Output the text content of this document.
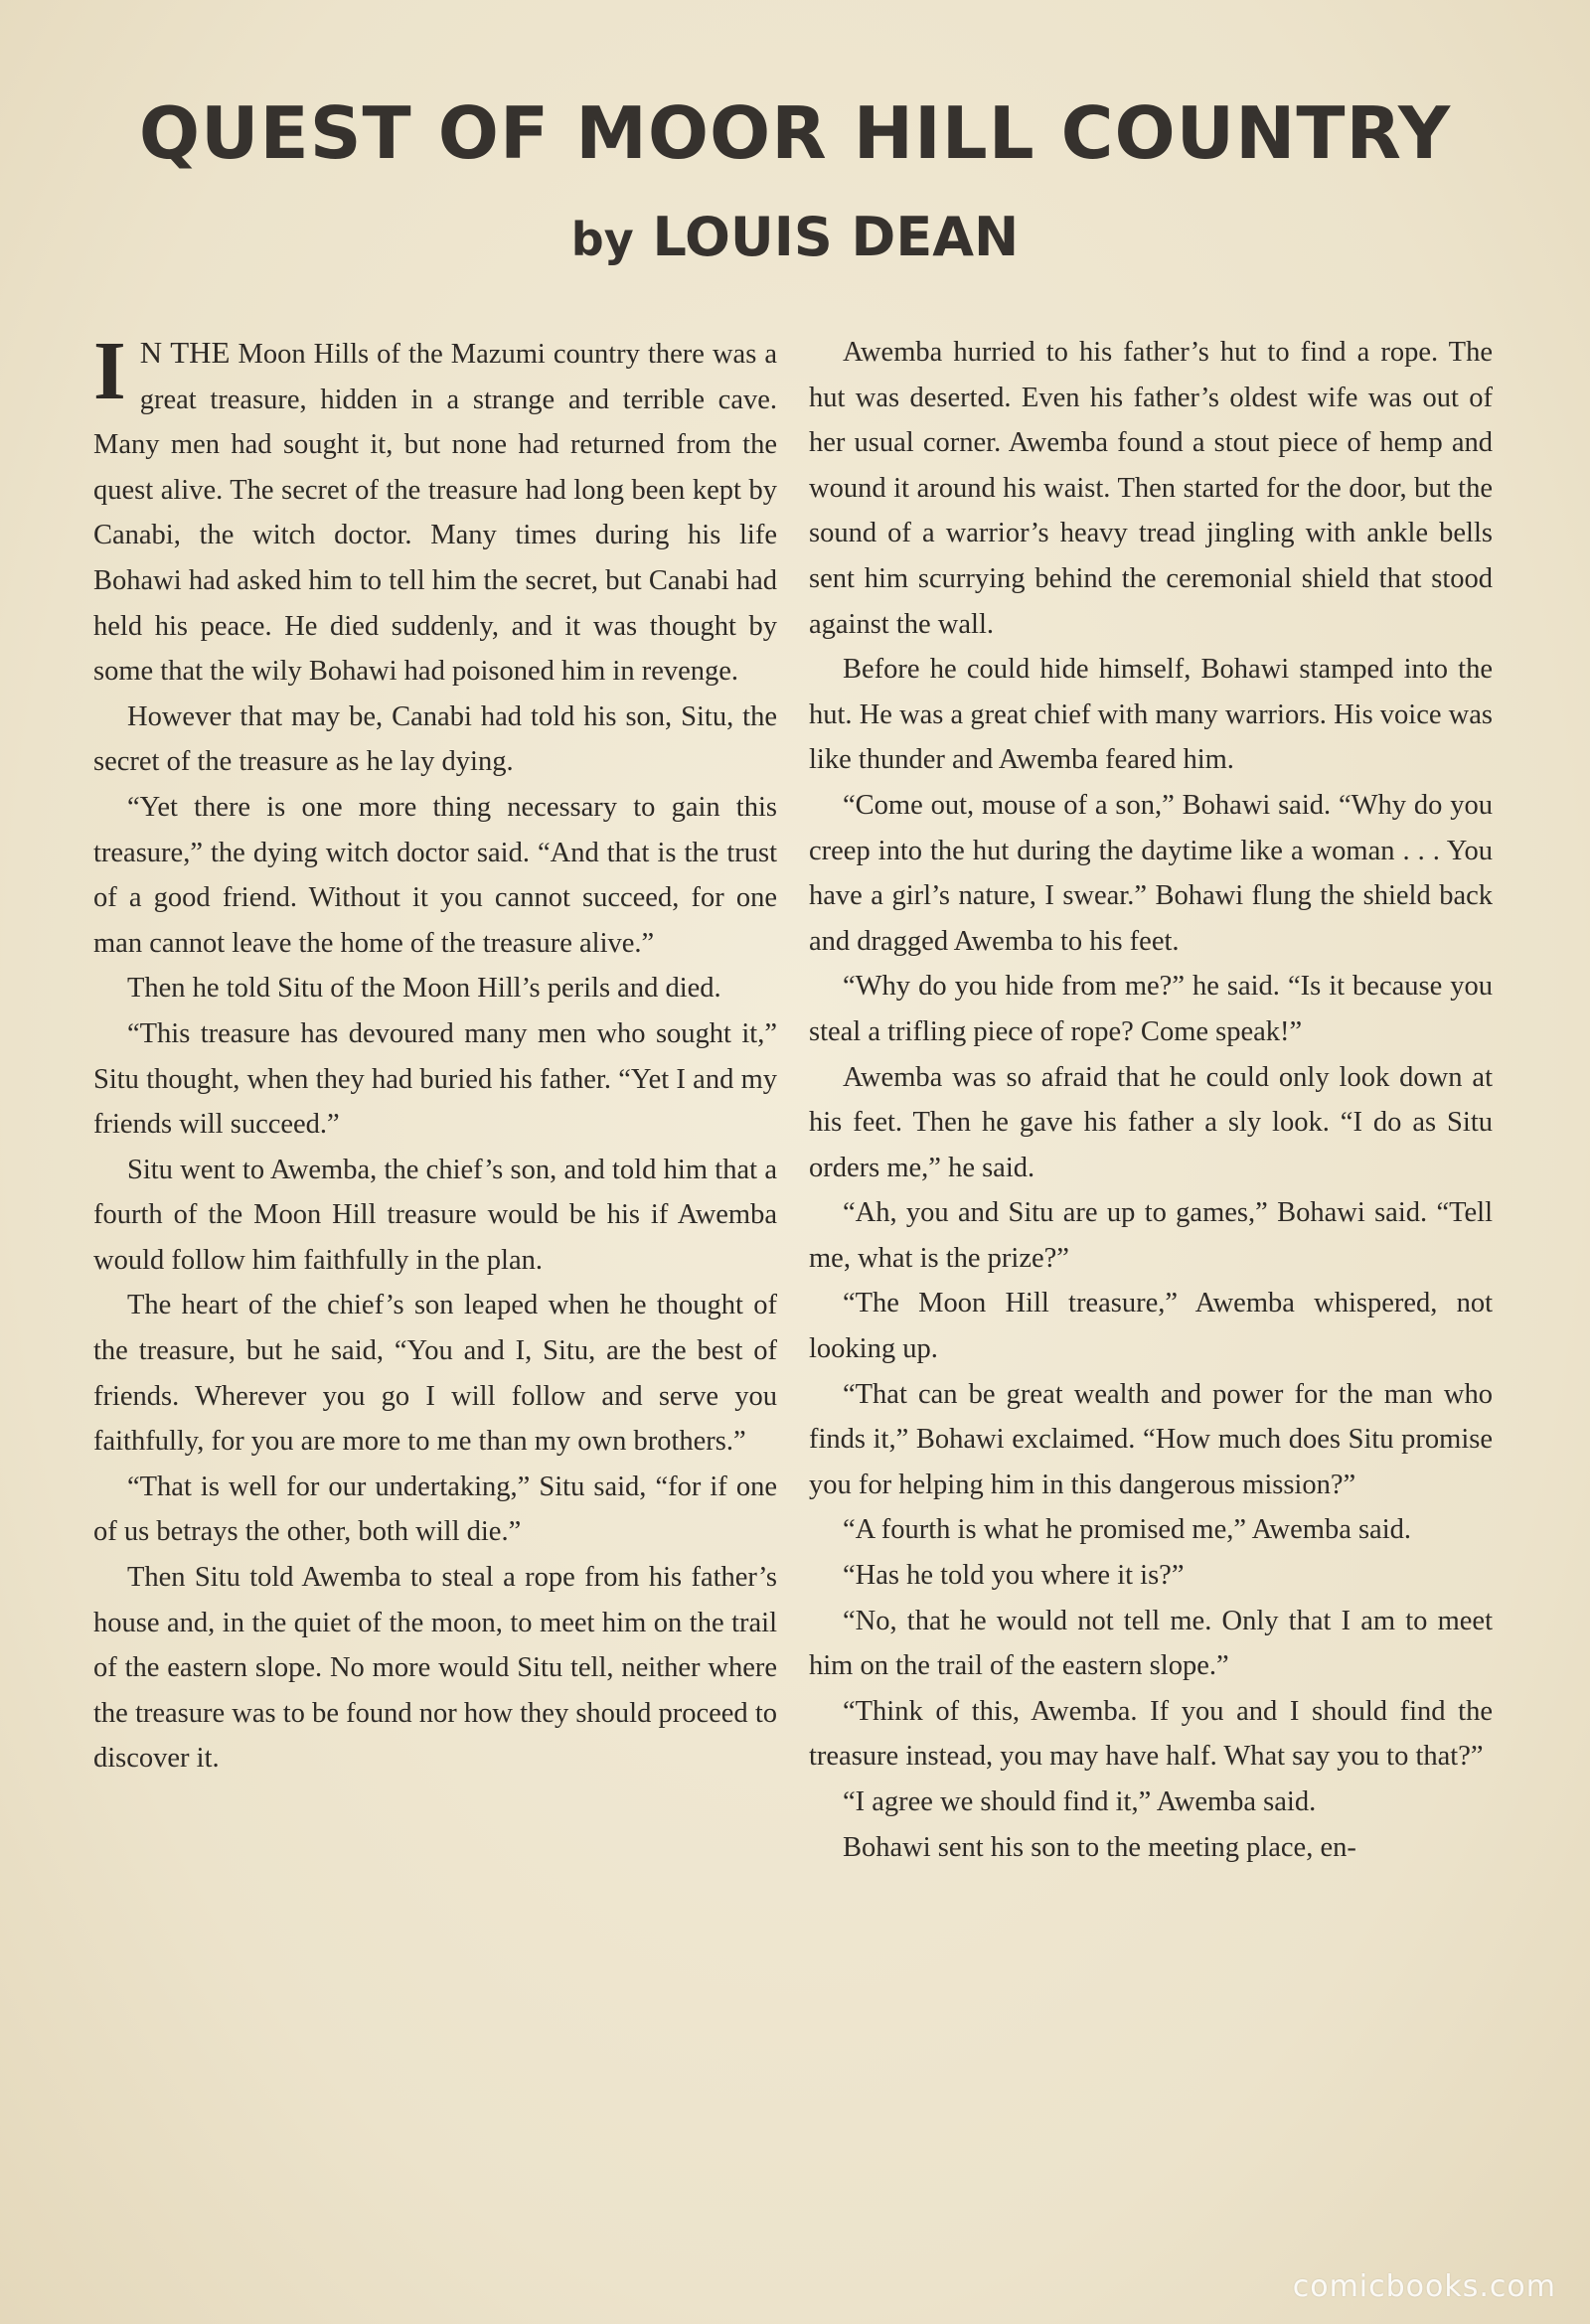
QUEST OF MOOR HILL COUNTRY
by LOUIS DEAN

I N THE Moon Hills of the Mazumi country there was a great treasure, hidden in a strange and terrible cave. Many men had sought it, but none had returned from the quest alive. The secret of the treasure had long been kept by Canabi, the witch doctor. Many times during his life Bohawi had asked him to tell him the secret, but Canabi had held his peace. He died suddenly, and it was thought by some that the wily Bohawi had poisoned him in revenge.

However that may be, Canabi had told his son, Situ, the secret of the treasure as he lay dying.

“Yet there is one more thing necessary to gain this treasure,” the dying witch doctor said. “And that is the trust of a good friend. Without it you cannot succeed, for one man cannot leave the home of the treasure alive.”

Then he told Situ of the Moon Hill’s perils and died.

“This treasure has devoured many men who sought it,” Situ thought, when they had buried his father. “Yet I and my friends will succeed.”

Situ went to Awemba, the chief’s son, and told him that a fourth of the Moon Hill treasure would be his if Awemba would follow him faithfully in the plan.

The heart of the chief’s son leaped when he thought of the treasure, but he said, “You and I, Situ, are the best of friends. Wherever you go I will follow and serve you faithfully, for you are more to me than my own brothers.”

“That is well for our undertaking,” Situ said, “for if one of us betrays the other, both will die.”

Then Situ told Awemba to steal a rope from his father’s house and, in the quiet of the moon, to meet him on the trail of the eastern slope. No more would Situ tell, neither where the treasure was to be found nor how they should proceed to discover it.

Awemba hurried to his father’s hut to find a rope. The hut was deserted. Even his father’s oldest wife was out of her usual corner. Awemba found a stout piece of hemp and wound it around his waist. Then started for the door, but the sound of a warrior’s heavy tread jingling with ankle bells sent him scurrying behind the ceremonial shield that stood against the wall.

Before he could hide himself, Bohawi stamped into the hut. He was a great chief with many warriors. His voice was like thunder and Awemba feared him.

“Come out, mouse of a son,” Bohawi said. “Why do you creep into the hut during the daytime like a woman . . . You have a girl’s nature, I swear.” Bohawi flung the shield back and dragged Awemba to his feet.

“Why do you hide from me?” he said. “Is it because you steal a trifling piece of rope? Come speak!”

Awemba was so afraid that he could only look down at his feet. Then he gave his father a sly look. “I do as Situ orders me,” he said.

“Ah, you and Situ are up to games,” Bohawi said. “Tell me, what is the prize?”

“The Moon Hill treasure,” Awemba whispered, not looking up.

“That can be great wealth and power for the man who finds it,” Bohawi exclaimed. “How much does Situ promise you for helping him in this dangerous mission?”

“A fourth is what he promised me,” Awemba said.

“Has he told you where it is?”

“No, that he would not tell me. Only that I am to meet him on the trail of the eastern slope.”

“Think of this, Awemba. If you and I should find the treasure instead, you may have half. What say you to that?”

“I agree we should find it,” Awemba said.

Bohawi sent his son to the meeting place, en-

comicbooks.com
